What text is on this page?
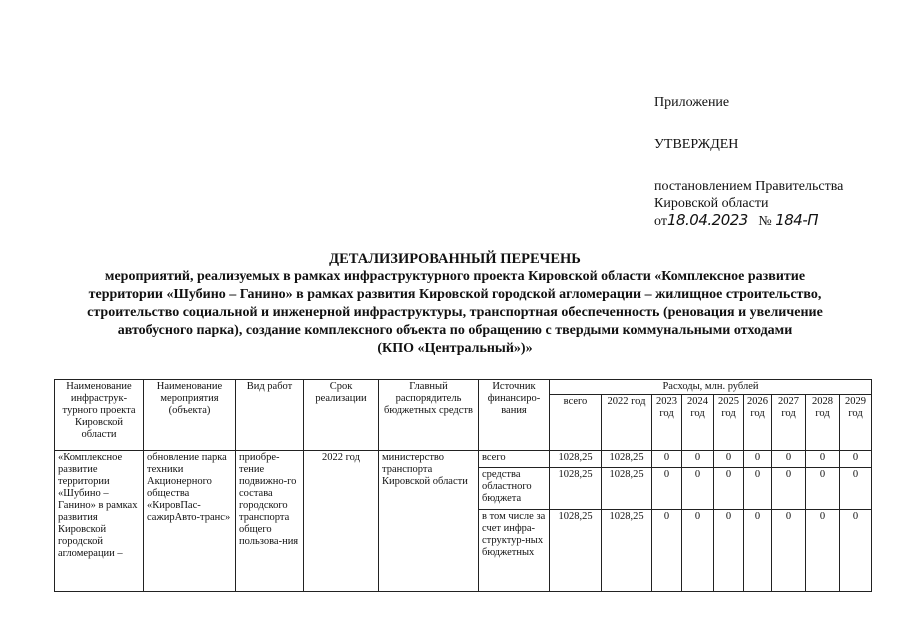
Приложение
УТВЕРЖДЕН
постановлением Правительства
Кировской области
от18.04.2023 № 184-П
ДЕТАЛИЗИРОВАННЫЙ ПЕРЕЧЕНЬ
мероприятий, реализуемых в рамках инфраструктурного проекта Кировской области «Комплексное развитие
территории «Шубино – Ганино» в рамках развития Кировской городской агломерации – жилищное строительство,
строительство социальной и инженерной инфраструктуры, транспортная обеспеченность (реновация и увеличение
автобусного парка), создание комплексного объекта по обращению с твердыми коммунальными отходами
(КПО «Центральный»)»
Наименование инфраструк-турного проекта Кировской области	Наименование мероприятия (объекта)	Вид работ	Срок реализации	Главный распорядитель бюджетных средств	Источник финансиро-вания	Расходы, млн. рублей								
						всего	2022 год	2023 год	2024 год	2025 год	2026 год	2027 год	2028 год	2029 год
«Комплексное развитие территории «Шубино – Ганино» в рамках развития Кировской городской агломерации –	обновление парка техники Акционерного общества «КировПас-сажирАвто-транс»	приобре-тение подвижно-го состава городского транспорта общего пользова-ния	2022 год	министерство транспорта Кировской области	всего	1028,25	1028,25	0	0	0	0	0	0	0
					средства областного бюджета	1028,25	1028,25	0	0	0	0	0	0	0
					в том числе за счет инфра-структур-ных бюджетных	1028,25	1028,25	0	0	0	0	0	0	0
